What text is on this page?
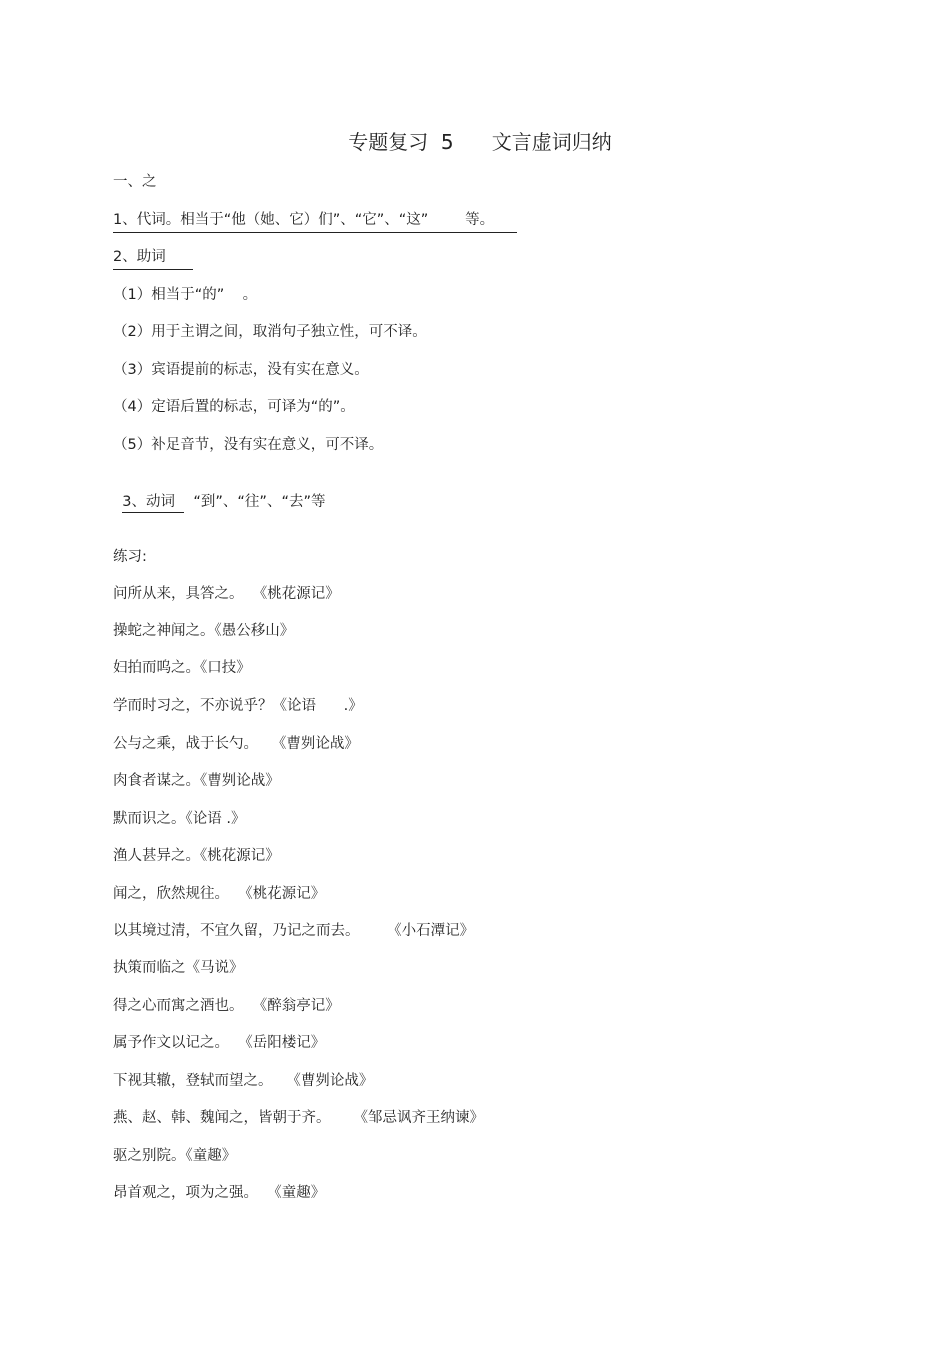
专题复习  5      文言虚词归纳
一、之
1、代词。相当于“他（她、它）们”、“它”、“这”        等。
2、助词
（1）相当于“的”    。
（2）用于主谓之间，取消句子独立性，可不译。
（3）宾语提前的标志，没有实在意义。
（4）定语后置的标志，可译为“的”。
（5）补足音节，没有实在意义，可不译。

3、动词    “到”、“往”、“去”等

练习:
问所从来，具答之。  《桃花源记》
操蛇之神闻之。《愚公移山》
妇拍而呜之。《口技》
学而时习之，不亦说乎？《论语      .》
公与之乘，战于长勺。   《曹刿论战》
肉食者谋之。《曹刿论战》
默而识之。《论语 .》
渔人甚异之。《桃花源记》
闻之，欣然规往。  《桃花源记》
以其境过清，不宜久留，乃记之而去。      《小石潭记》
执策而临之《马说》
得之心而寓之酒也。  《醉翁亭记》
属予作文以记之。  《岳阳楼记》
下视其辙，登轼而望之。   《曹刿论战》
燕、赵、韩、魏闻之，皆朝于齐。     《邹忌讽齐王纳谏》
驱之别院。《童趣》
昂首观之，项为之强。  《童趣》
